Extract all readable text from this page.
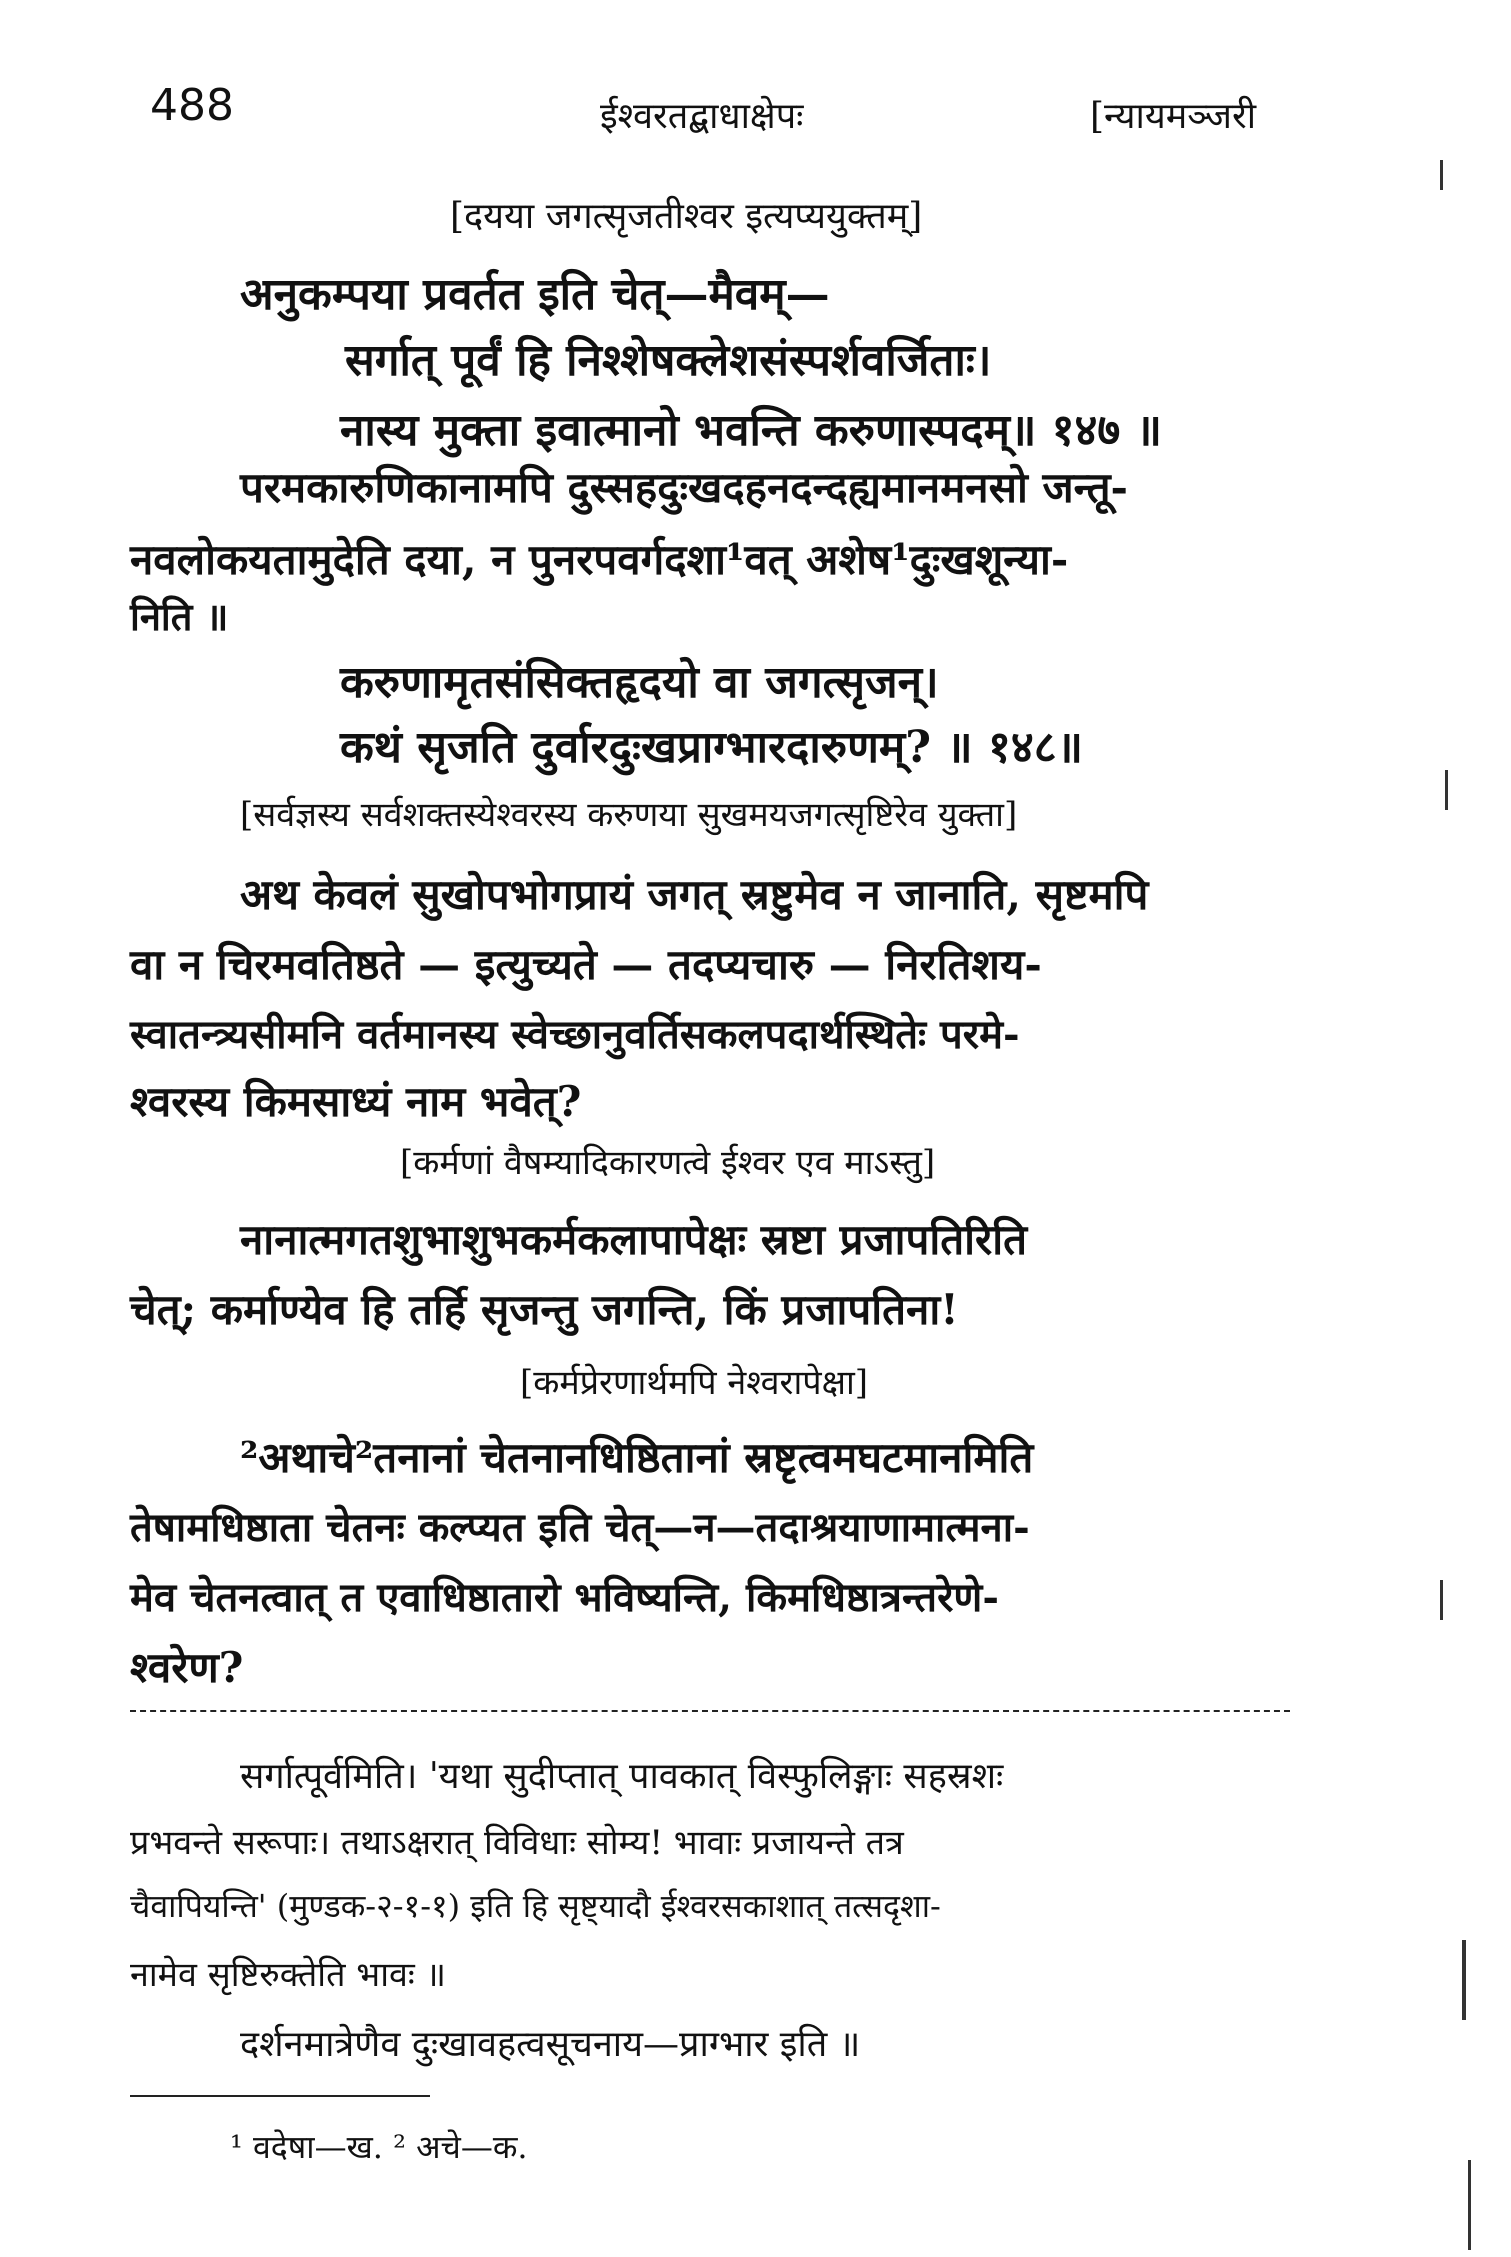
488	ईश्वरतद्बाधाक्षेपः	[न्यायमञ्जरी
[दयया जगत्सृजतीश्वर इत्यप्ययुक्तम्]
अनुकम्पया प्रवर्तत इति चेत्—मैवम्—
सर्गात् पूर्वं हि निश्शेषक्लेशसंस्पर्शवर्जिताः।
नास्य मुक्ता इवात्मानो भवन्ति करुणास्पदम्॥ १४७ ॥
परमकारुणिकानामपि दुस्सहदुःखदहनदन्दह्यमानमनसो जन्तू-
नवलोकयतामुदेति दया, न पुनरपवर्गदशा¹वत् अशेष¹दुःखशून्या-
निति ॥
करुणामृतसंसिक्तहृदयो वा जगत्सृजन्।
कथं सृजति दुर्वारदुःखप्राग्भारदारुणम्? ॥ १४८॥
[सर्वज्ञस्य सर्वशक्तस्येश्वरस्य करुणया सुखमयजगत्सृष्टिरेव युक्ता]
अथ केवलं सुखोपभोगप्रायं जगत् स्रष्टुमेव न जानाति, सृष्टमपि
वा न चिरमवतिष्ठते — इत्युच्यते — तदप्यचारु — निरतिशय-
स्वातन्त्र्यसीमनि वर्तमानस्य स्वेच्छानुवर्तिसकलपदार्थस्थितेः परमे-
श्वरस्य किमसाध्यं नाम भवेत्?
[कर्मणां वैषम्यादिकारणत्वे ईश्वर एव माऽस्तु]
नानात्मगतशुभाशुभकर्मकलापापेक्षः स्रष्टा प्रजापतिरिति
चेत्; कर्माण्येव हि तर्हि सृजन्तु जगन्ति, किं प्रजापतिना!
[कर्मप्रेरणार्थमपि नेश्वरापेक्षा]
²अथाचे²तनानां चेतनानधिष्ठितानां स्रष्टृत्वमघटमानमिति
तेषामधिष्ठाता चेतनः कल्प्यत इति चेत्—न—तदाश्रयाणामात्मना-
मेव चेतनत्वात् त एवाधिष्ठातारो भविष्यन्ति, किमधिष्ठात्रन्तरेणे-
श्वरेण?
सर्गात्पूर्वमिति। 'यथा सुदीप्तात् पावकात् विस्फुलिङ्गाः सहस्रशः
प्रभवन्ते सरूपाः। तथाऽक्षरात् विविधाः सोम्य! भावाः प्रजायन्ते तत्र
चैवापियन्ति' (मुण्डक-२-१-१) इति हि सृष्ट्यादौ ईश्वरसकाशात् तत्सदृशा-
नामेव सृष्टिरुक्तेति भावः ॥
दर्शनमात्रेणैव दुःखावहत्वसूचनाय—प्राग्भार इति ॥
¹ वदेषा—ख. ² अचे—क.
